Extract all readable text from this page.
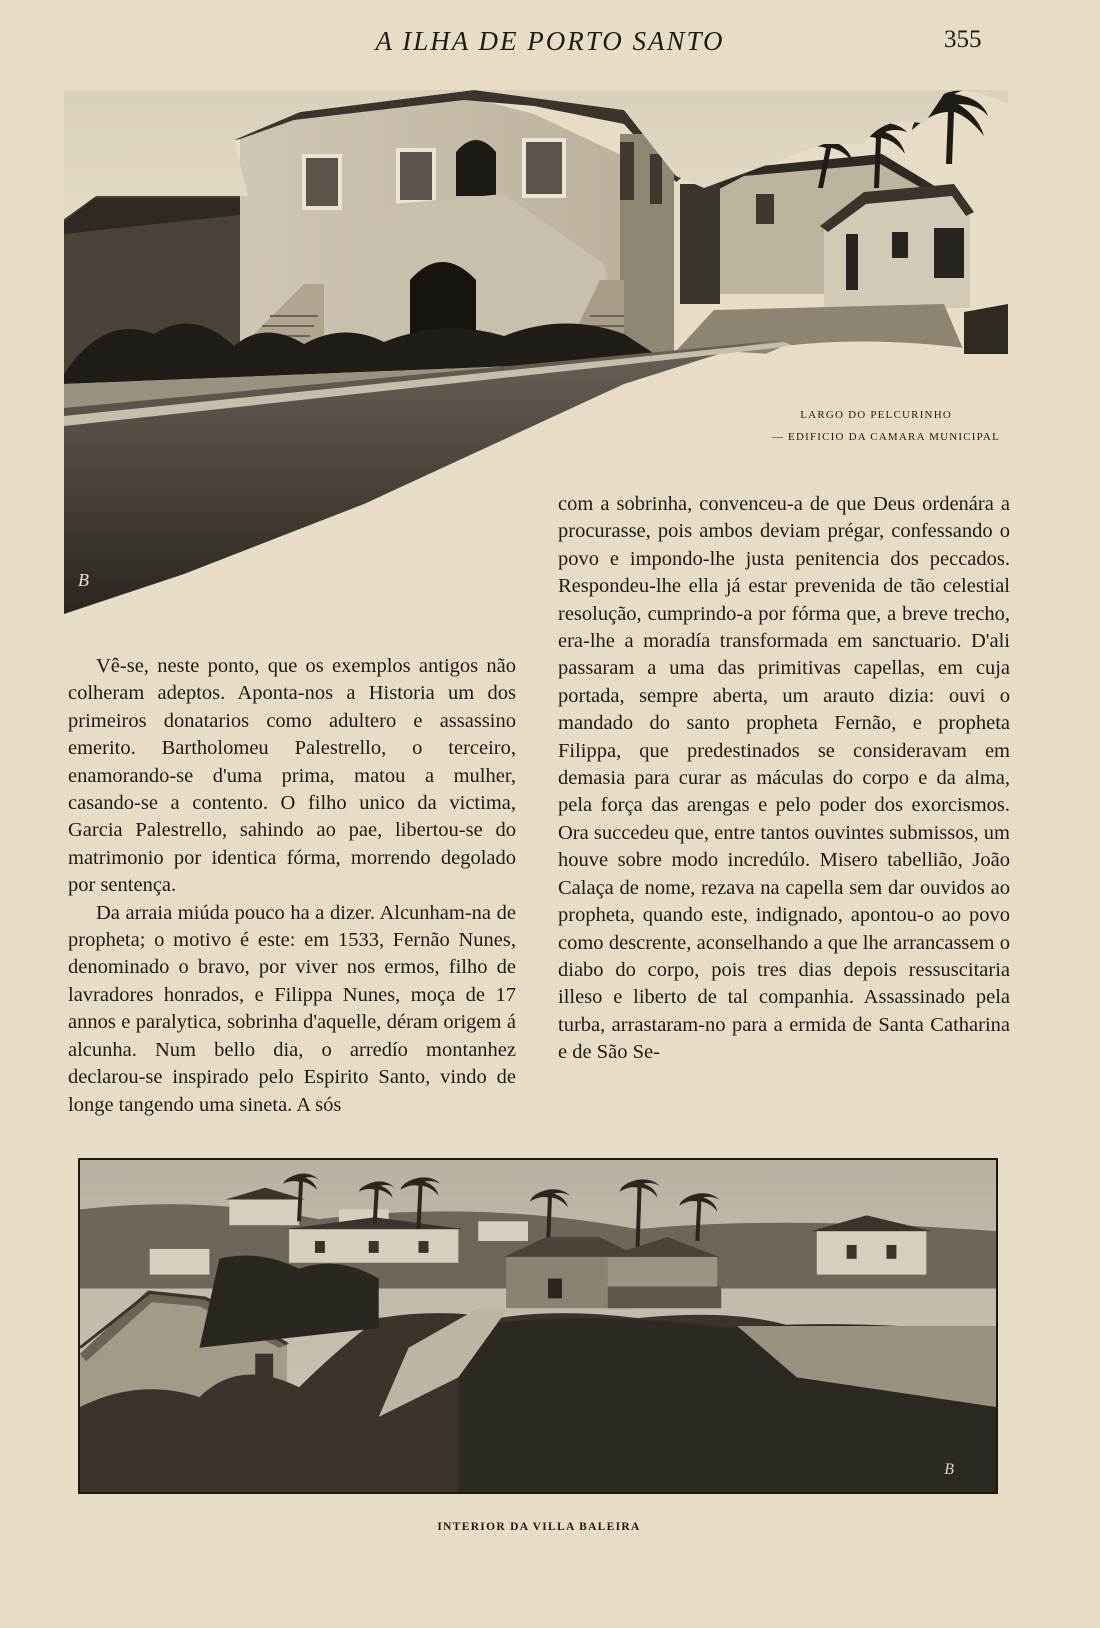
A ILHA DE PORTO SANTO	355
B
LARGO DO PELCURINHO
— EDIFICIO DA CAMARA MUNICIPAL

com a sobrinha, convenceu-a de que Deus ordenára a procurasse, pois ambos deviam prégar, confessando o povo e impondo-lhe justa penitencia dos peccados. Respondeu-lhe ella já estar prevenida de tão celestial resolução, cumprindo-a por fórma que, a breve trecho, era-lhe a moradía transformada em sanctuario. D'ali passaram a uma das primitivas capellas, em cuja portada, sempre aberta, um arauto dizia: ouvi o mandado do santo propheta Fernão, e propheta Filippa, que predestinados se consideravam em demasia para curar as máculas do corpo e da alma, pela força das arengas e pelo poder dos exorcismos. Ora succedeu que, entre tantos ouvintes submissos, um houve sobre modo incredúlo. Misero tabellião, João Calaça de nome, rezava na capella sem dar ouvidos ao propheta, quando este, indignado, apontou-o ao povo como descrente, aconselhando a que lhe arrancassem o diabo do corpo, pois tres dias depois ressuscitaria illeso e liberto de tal companhia. Assassinado pela turba, arrastaram-no para a ermida de Santa Catharina e de São Se-

Vê-se, neste ponto, que os exemplos antigos não colheram adeptos. Aponta-nos a Historia um dos primeiros donatarios como adultero e assassino emerito. Bartholomeu Palestrello, o terceiro, enamorando-se d'uma prima, matou a mulher, casando-se a contento. O filho unico da victima, Garcia Palestrello, sahindo ao pae, libertou-se do matrimonio por identica fórma, morrendo degolado por sentença.

Da arraia miúda pouco ha a dizer. Alcunham-na de propheta; o motivo é este: em 1533, Fernão Nunes, denominado o bravo, por viver nos ermos, filho de lavradores honrados, e Filippa Nunes, moça de 17 annos e paralytica, sobrinha d'aquelle, déram origem á alcunha. Num bello dia, o arredío montanhez declarou-se inspirado pelo Espirito Santo, vindo de longe tangendo uma sineta. A sós

B
INTERIOR DA VILLA BALEIRA
